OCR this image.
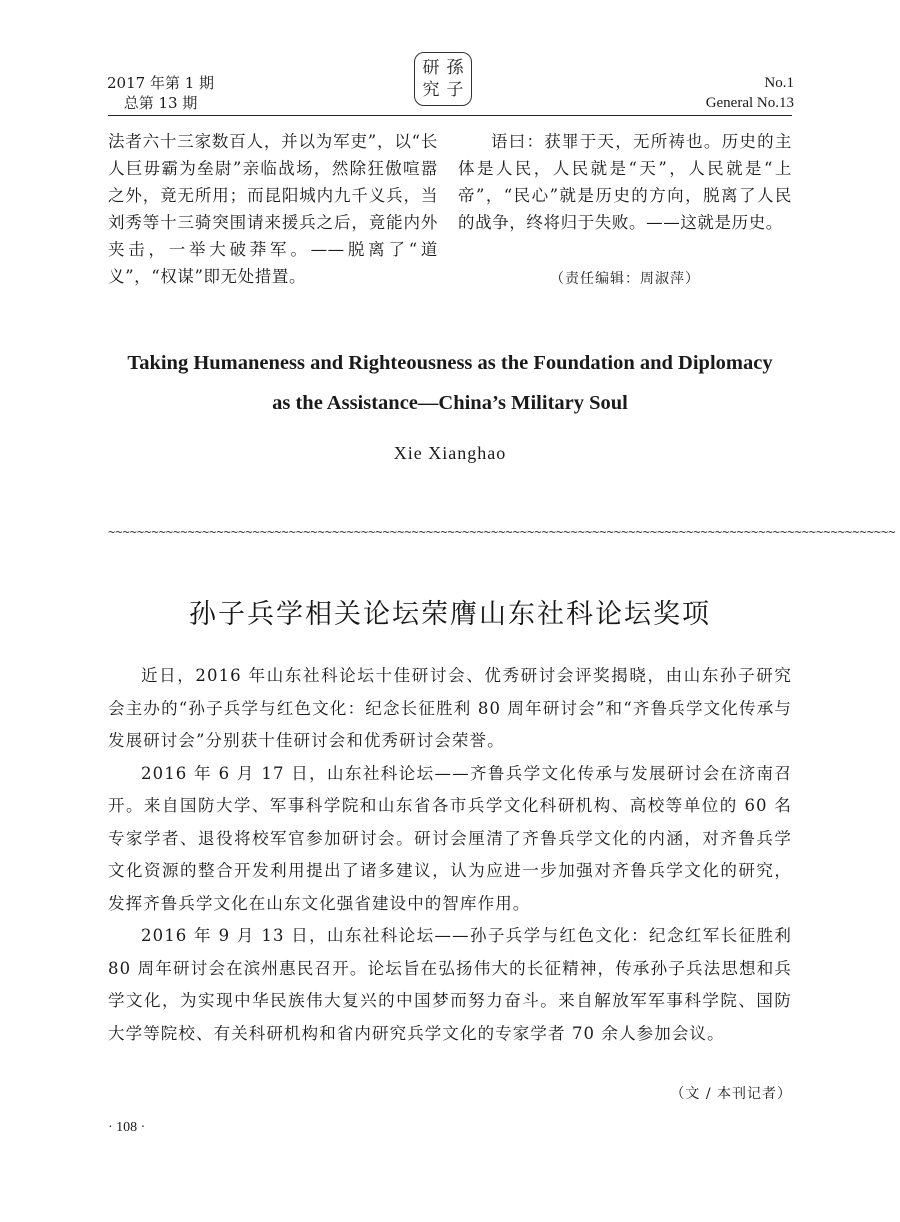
2017 年第 1 期
总第 13 期
研 孫
究 子	No.1
General No.13

法者六十三家数百人，并以为军吏”，以“长人巨毋霸为垒尉”亲临战场，然除狂傲喧嚣之外，竟无所用；而昆阳城内九千义兵，当刘秀等十三骑突围请来援兵之后，竟能内外夹击，一举大破莽军。——脱离了“道义”，“权谋”即无处措置。

语曰：获罪于天，无所祷也。历史的主体是人民，人民就是“天”，人民就是“上帝”，“民心”就是历史的方向，脱离了人民的战争，终将归于失败。——这就是历史。

（责任编辑：周淑萍）
Taking Humaneness and Righteousness as the Foundation and Diplomacy
as the Assistance—China’s Military Soul
Xie Xianghao
~~~~~~~~~~~~~~~~~~~~~~~~~~~~~~~~~~~~~~~~~~~~~~~~~~~~~~~~~~~~~~~~~~~~~~~~~~~~~~~~~~~~~~~~~~~~~~~~~~~~~~~~~~~~~
孙子兵学相关论坛荣膺山东社科论坛奖项

近日，2016 年山东社科论坛十佳研讨会、优秀研讨会评奖揭晓，由山东孙子研究会主办的“孙子兵学与红色文化：纪念长征胜利 80 周年研讨会”和“齐鲁兵学文化传承与发展研讨会”分别获十佳研讨会和优秀研讨会荣誉。

2016 年 6 月 17 日，山东社科论坛——齐鲁兵学文化传承与发展研讨会在济南召开。来自国防大学、军事科学院和山东省各市兵学文化科研机构、高校等单位的 60 名专家学者、退役将校军官参加研讨会。研讨会厘清了齐鲁兵学文化的内涵，对齐鲁兵学文化资源的整合开发利用提出了诸多建议，认为应进一步加强对齐鲁兵学文化的研究，发挥齐鲁兵学文化在山东文化强省建设中的智库作用。

2016 年 9 月 13 日，山东社科论坛——孙子兵学与红色文化：纪念红军长征胜利 80 周年研讨会在滨州惠民召开。论坛旨在弘扬伟大的长征精神，传承孙子兵法思想和兵学文化，为实现中华民族伟大复兴的中国梦而努力奋斗。来自解放军军事科学院、国防大学等院校、有关科研机构和省内研究兵学文化的专家学者 70 余人参加会议。

（文 / 本刊记者）
· 108 ·
